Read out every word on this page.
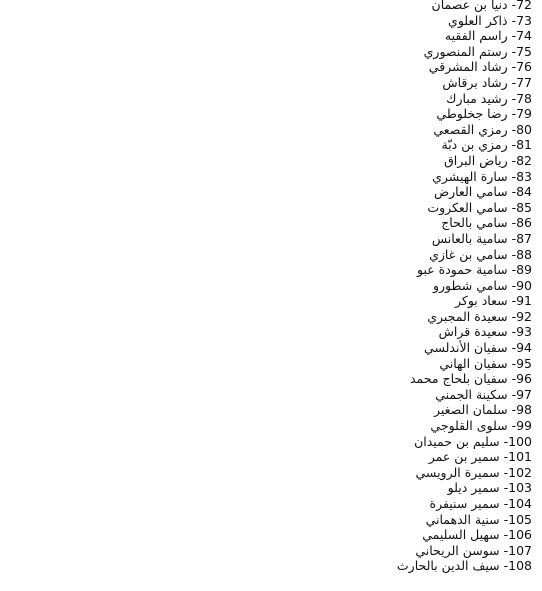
72- دنيا بن عصمان
73- ذاكر العلوي
74- راسم الفقيه
75- رستم المنصوري
76- رشاد المشرقي
77- رشاد برقاش
78- رشيد مبارك
79- رضا جخلوطي
80- رمزي القصعي
81- رمزي بن دبّة
82- رياض البراق
83- سارة الهيشري
84- سامي العارض
85- سامي العكروت
86- سامي بالحاج
87- سامية بالعانس
88- سامي بن غازي
89- سامية حمودة عبو
90- سامي شطورو
91- سعاد بوكر
92- سعيدة المجبري
93- سعيدة قراش
94- سفيان الأندلسي
95- سفيان الهاني
96- سفيان بلحاج محمد
97- سكينة الجمني
98- سلمان الصغير
99- سلوى القلوجي
100- سليم بن حميدان
101- سمير بن عمر
102- سميرة الرويسي
103- سمير ديلو
104- سمير سنيفرة
105- سنية الدهماني
106- سهيل السليمي
107- سوسن الريحاني
108- سيف الدين بالحارث
